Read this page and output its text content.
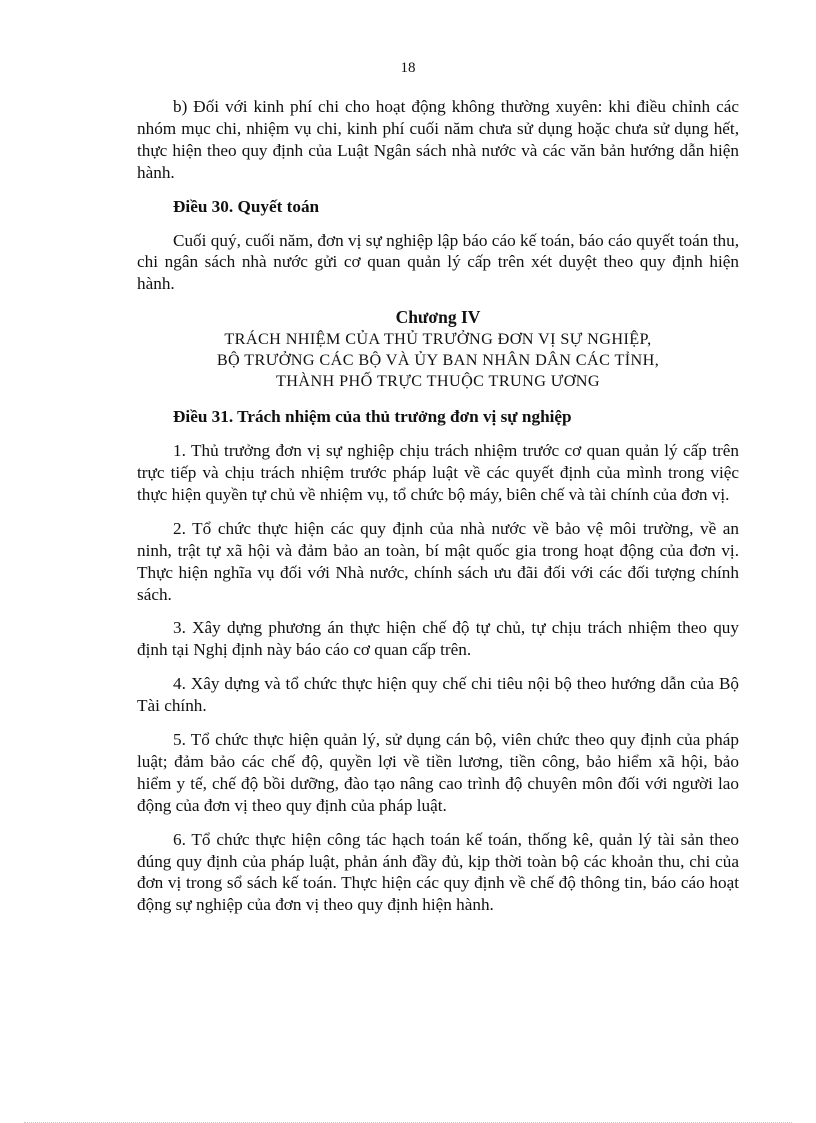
18

b) Đối với kinh phí chi cho hoạt động không thường xuyên: khi điều chỉnh các nhóm mục chi, nhiệm vụ chi, kinh phí cuối năm chưa sử dụng hoặc chưa sử dụng hết, thực hiện theo quy định của Luật Ngân sách nhà nước và các văn bản hướng dẫn hiện hành.

Điều 30. Quyết toán

Cuối quý, cuối năm, đơn vị sự nghiệp lập báo cáo kế toán, báo cáo quyết toán thu, chi ngân sách nhà nước gửi cơ quan quản lý cấp trên xét duyệt theo quy định hiện hành.

Chương IV

TRÁCH NHIỆM CỦA THỦ TRƯỞNG ĐƠN VỊ SỰ NGHIỆP,

BỘ TRƯỞNG CÁC BỘ VÀ ỦY BAN NHÂN DÂN CÁC TỈNH,

THÀNH PHỐ TRỰC THUỘC TRUNG ƯƠNG

Điều 31. Trách nhiệm của thủ trưởng đơn vị sự nghiệp

1. Thủ trưởng đơn vị sự nghiệp chịu trách nhiệm trước cơ quan quản lý cấp trên trực tiếp và chịu trách nhiệm trước pháp luật về các quyết định của mình trong việc thực hiện quyền tự chủ về nhiệm vụ, tổ chức bộ máy, biên chế và tài chính của đơn vị.

2. Tổ chức thực hiện các quy định của nhà nước về bảo vệ môi trường, về an ninh, trật tự xã hội và đảm bảo an toàn, bí mật quốc gia trong hoạt động của đơn vị. Thực hiện nghĩa vụ đối với Nhà nước, chính sách ưu đãi đối với các đối tượng chính sách.

3. Xây dựng phương án thực hiện chế độ tự chủ, tự chịu trách nhiệm theo quy định tại Nghị định này báo cáo cơ quan cấp trên.

4. Xây dựng và tổ chức thực hiện quy chế chi tiêu nội bộ theo hướng dẫn của Bộ Tài chính.

5. Tổ chức thực hiện quản lý, sử dụng cán bộ, viên chức theo quy định của pháp luật; đảm bảo các chế độ, quyền lợi về tiền lương, tiền công, bảo hiểm xã hội, bảo hiểm y tế, chế độ bồi dưỡng, đào tạo nâng cao trình độ chuyên môn đối với người lao động của đơn vị theo quy định của pháp luật.

6. Tổ chức thực hiện công tác hạch toán kế toán, thống kê, quản lý tài sản theo đúng quy định của pháp luật, phản ánh đầy đủ, kịp thời toàn bộ các khoản thu, chi của đơn vị trong sổ sách kế toán. Thực hiện các quy định về chế độ thông tin, báo cáo hoạt động sự nghiệp của đơn vị theo quy định hiện hành.
